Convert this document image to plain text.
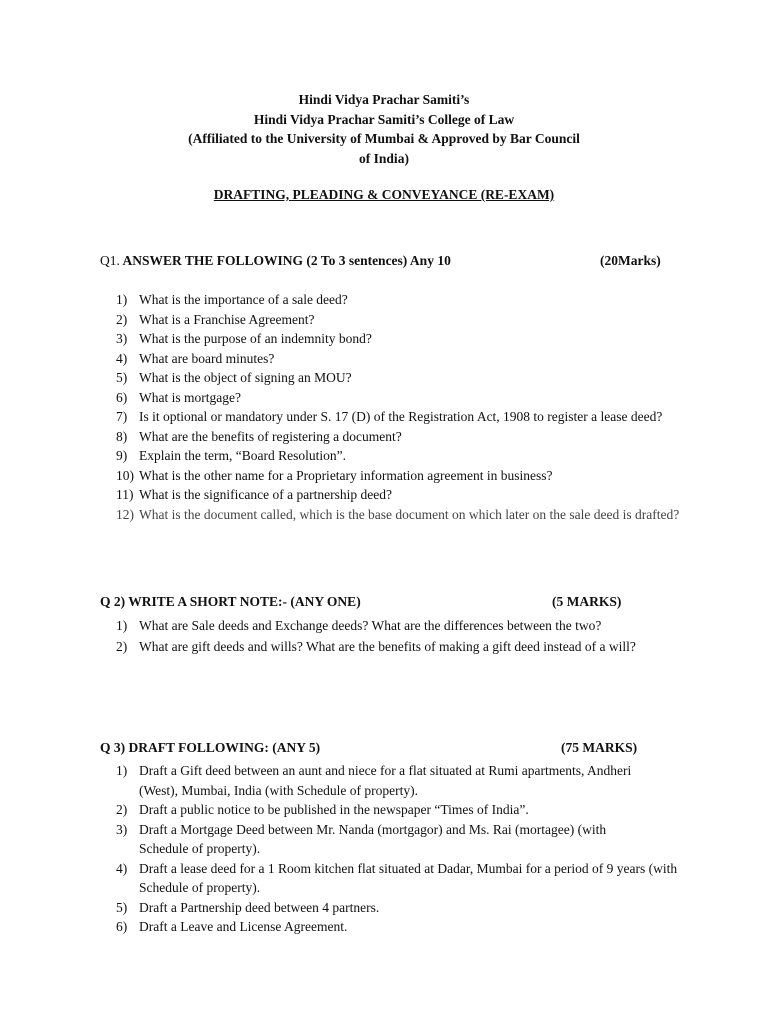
Hindi Vidya Prachar Samiti’s
Hindi Vidya Prachar Samiti’s College of Law
(Affiliated to the University of Mumbai & Approved by Bar Council
of India)
DRAFTING, PLEADING & CONVEYANCE (RE-EXAM)
Q1. ANSWER THE FOLLOWING (2 To 3 sentences) Any 10	(20Marks)
1) What is the importance of a sale deed?
2) What is a Franchise Agreement?
3) What is the purpose of an indemnity bond?
4) What are board minutes?
5) What is the object of signing an MOU?
6) What is mortgage?
7) Is it optional or mandatory under S. 17 (D) of the Registration Act, 1908 to register a lease deed?
8) What are the benefits of registering a document?
9) Explain the term, “Board Resolution”.
10) What is the other name for a Proprietary information agreement in business?
11) What is the significance of a partnership deed?
12) What is the document called, which is the base document on which later on the sale deed is drafted?
Q 2) WRITE A SHORT NOTE:- (ANY ONE)	(5 MARKS)
1) What are Sale deeds and Exchange deeds? What are the differences between the two?
2) What are gift deeds and wills? What are the benefits of making a gift deed instead of a will?
Q 3) DRAFT FOLLOWING: (ANY 5)	(75 MARKS)
1) Draft a Gift deed between an aunt and niece for a flat situated at Rumi apartments, Andheri (West), Mumbai, India (with Schedule of property).
2) Draft a public notice to be published in the newspaper “Times of India”.
3) Draft a Mortgage Deed between Mr. Nanda (mortgagor) and Ms. Rai (mortagee) (with Schedule of property).
4) Draft a lease deed for a 1 Room kitchen flat situated at Dadar, Mumbai for a period of 9 years (with Schedule of property).
5) Draft a Partnership deed between 4 partners.
6) Draft a Leave and License Agreement.
